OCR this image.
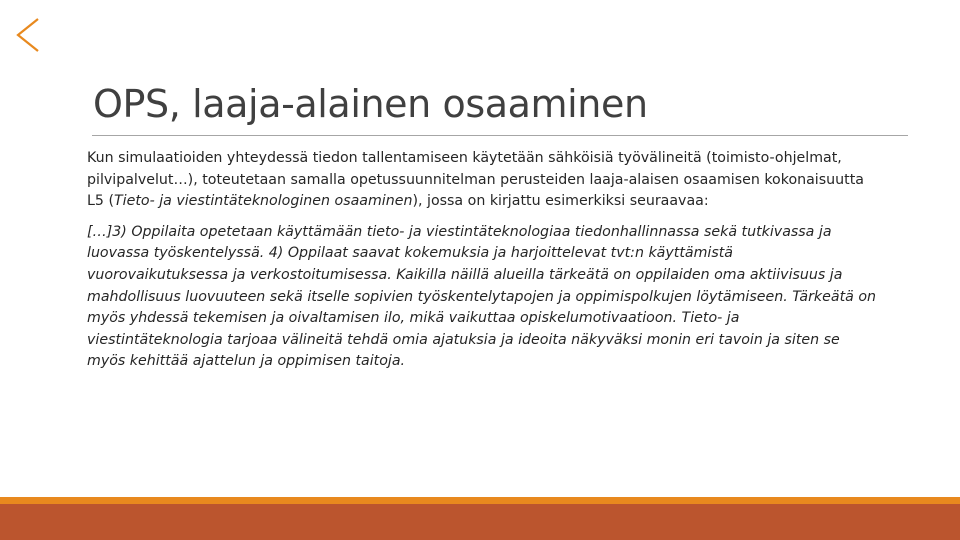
OPS, laaja-alainen osaaminen

Kun simulaatioiden yhteydessä tiedon tallentamiseen käytetään sähköisiä työvälineitä (toimisto-ohjelmat, pilvipalvelut…), toteutetaan samalla opetussuunnitelman perusteiden laaja-alaisen osaamisen kokonaisuutta L5 (Tieto- ja viestintäteknologinen osaaminen), jossa on kirjattu esimerkiksi seuraavaa:

[…]3) Oppilaita opetetaan käyttämään tieto- ja viestintäteknologiaa tiedonhallinnassa sekä tutkivassa ja luovassa työskentelyssä. 4) Oppilaat saavat kokemuksia ja harjoittelevat tvt:n käyttämistä vuorovaikutuksessa ja verkostoitumisessa. Kaikilla näillä alueilla tärkeätä on oppilaiden oma aktiivisuus ja mahdollisuus luovuuteen sekä itselle sopivien työskentelytapojen ja oppimispolkujen löytämiseen. Tärkeätä on myös yhdessä tekemisen ja oivaltamisen ilo, mikä vaikuttaa opiskelumotivaatioon. Tieto- ja viestintäteknologia tarjoaa välineitä tehdä omia ajatuksia ja ideoita näkyväksi monin eri tavoin ja siten se myös kehittää ajattelun ja oppimisen taitoja.
